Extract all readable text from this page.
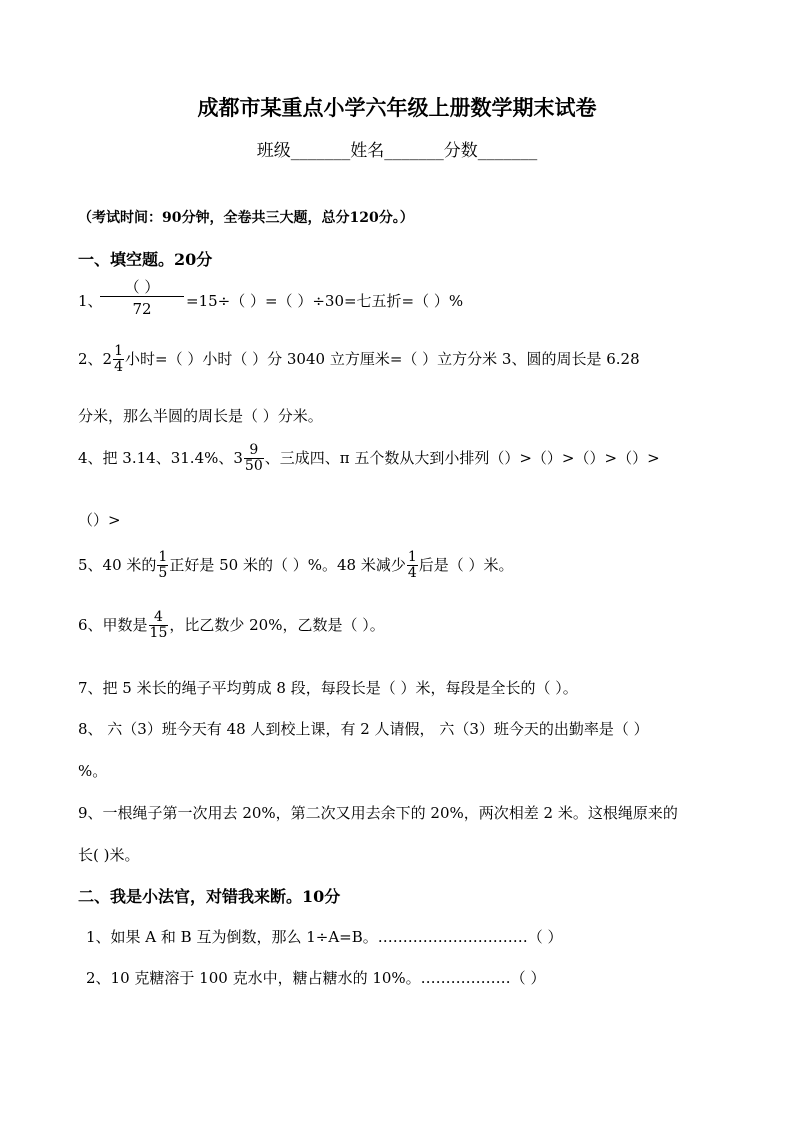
成都市某重点小学六年级上册数学期末试卷
班级_______姓名_______分数_______
（考试时间：90分钟，全卷共三大题，总分120分。）
一、填空题。20分
1、
（ ）
72	=15÷（ ）=（ ）÷30=七五折=（ ）%
2、$2 \frac{1}{4}$ 小时=（ ）小时（ ）分 3040 立方厘米=（ ）立方分米 3、圆的周长是 6.28
分米，那么半圆的周长是（ ）分米。
4、把 3.14、31.4%、$3 \frac{9}{50}$ 、三成四、π 五个数从大到小排列（）>（）>（）>（）>
（）>
5、40 米的 $\frac{1}{5}$ 正好是 50 米的（ ）%。48 米减少 $\frac{1}{4}$ 后是（ ）米。
6、甲数是 $\frac{4}{15}$ ，比乙数少 20%，乙数是（ ）。
7、把 5 米长的绳子平均剪成 8 段，每段长是（ ）米，每段是全长的（ ）。
8、 六（3）班今天有 48 人到校上课，有 2 人请假， 六（3）班今天的出勤率是（ ）
%。
9、一根绳子第一次用去 20%，第二次又用去余下的 20%，两次相差 2 米。这根绳原来的
长( )米。
二、我是小法官，对错我来断。10分
1、如果 A 和 B 互为倒数，那么 1÷A=B。…………………………（ ）
2、10 克糖溶于 100 克水中，糖占糖水的 10%。………………（ ）
